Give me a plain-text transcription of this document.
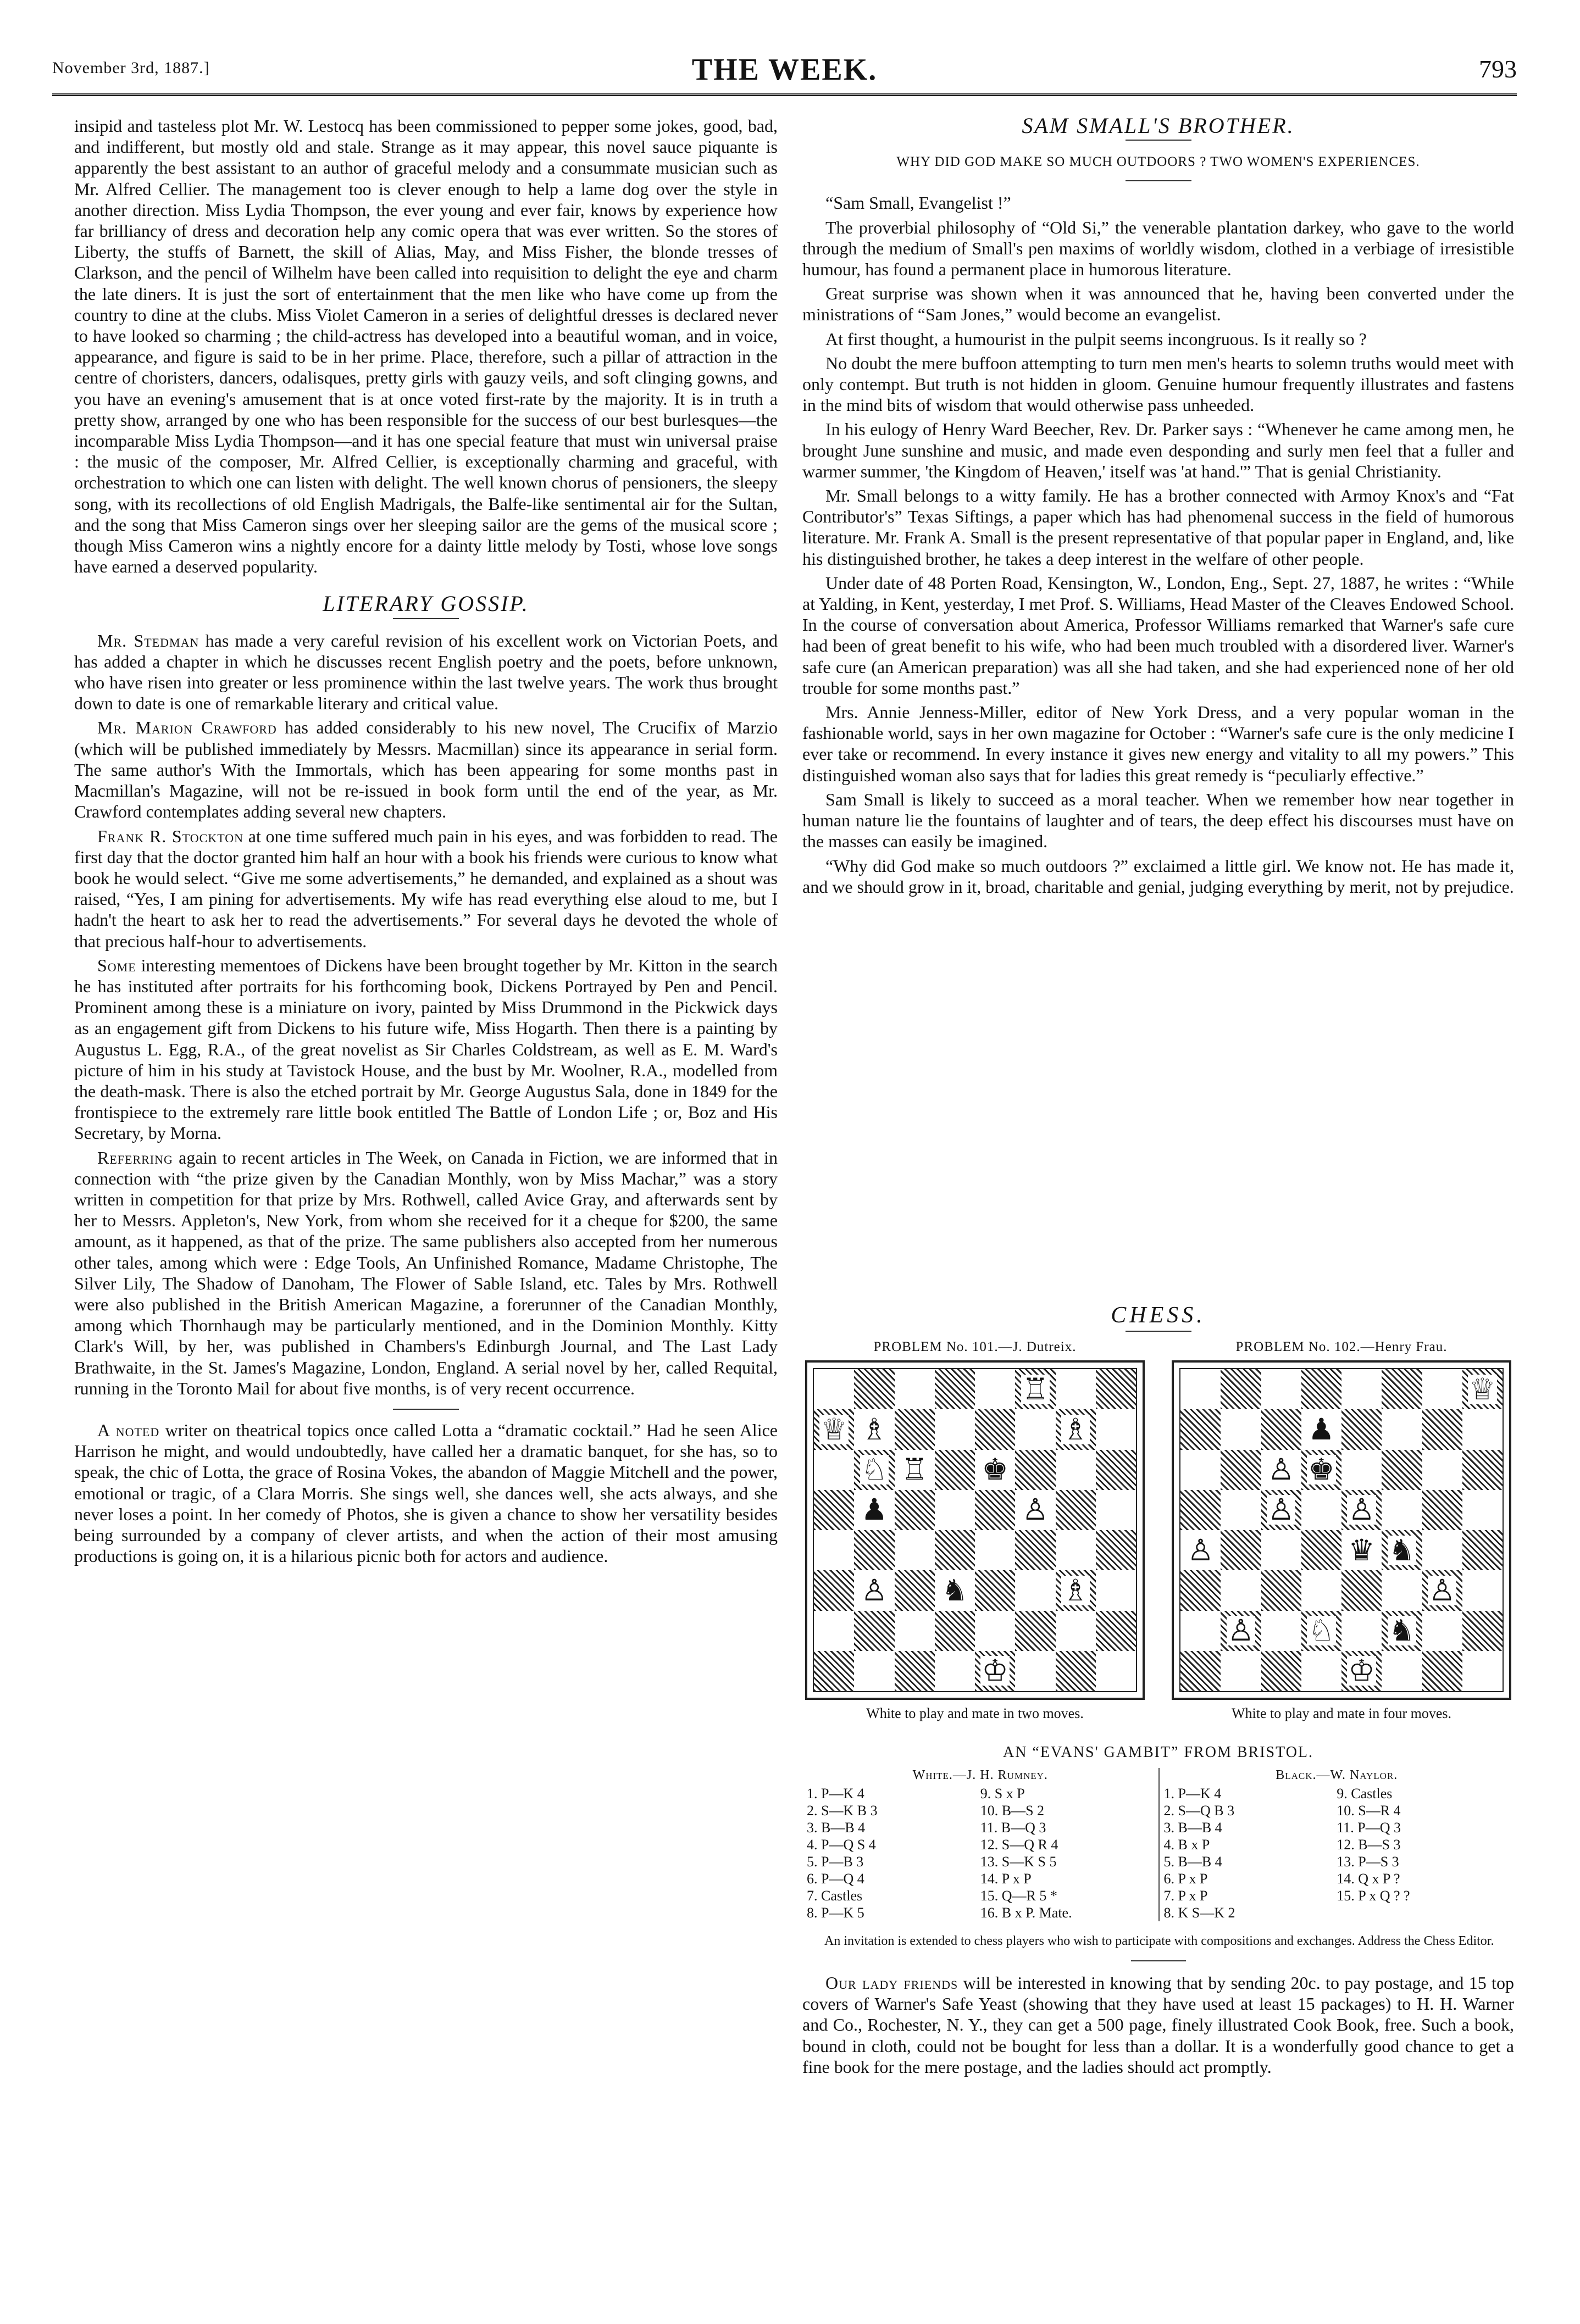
November 3rd, 1887.]	THE WEEK.	793

insipid and tasteless plot Mr. W. Lestocq has been commissioned to pepper some jokes, good, bad, and indifferent, but mostly old and stale. Strange as it may appear, this novel sauce piquante is apparently the best assistant to an author of graceful melody and a consummate musician such as Mr. Alfred Cellier. The management too is clever enough to help a lame dog over the style in another direction. Miss Lydia Thompson, the ever young and ever fair, knows by experience how far brilliancy of dress and decoration help any comic opera that was ever written. So the stores of Liberty, the stuffs of Barnett, the skill of Alias, May, and Miss Fisher, the blonde tresses of Clarkson, and the pencil of Wilhelm have been called into requisition to delight the eye and charm the late diners. It is just the sort of entertainment that the men like who have come up from the country to dine at the clubs. Miss Violet Cameron in a series of delightful dresses is declared never to have looked so charming ; the child-actress has developed into a beautiful woman, and in voice, appearance, and figure is said to be in her prime. Place, therefore, such a pillar of attraction in the centre of choristers, dancers, odalisques, pretty girls with gauzy veils, and soft clinging gowns, and you have an evening's amusement that is at once voted first-rate by the majority. It is in truth a pretty show, arranged by one who has been responsible for the success of our best burlesques—the incomparable Miss Lydia Thompson—and it has one special feature that must win universal praise : the music of the composer, Mr. Alfred Cellier, is exceptionally charming and graceful, with orchestration to which one can listen with delight. The well known chorus of pensioners, the sleepy song, with its recollections of old English Madrigals, the Balfe-like sentimental air for the Sultan, and the song that Miss Cameron sings over her sleeping sailor are the gems of the musical score ; though Miss Cameron wins a nightly encore for a dainty little melody by Tosti, whose love songs have earned a deserved popularity.

LITERARY GOSSIP.

Mr. Stedman has made a very careful revision of his excellent work on Victorian Poets, and has added a chapter in which he discusses recent English poetry and the poets, before unknown, who have risen into greater or less prominence within the last twelve years. The work thus brought down to date is one of remarkable literary and critical value.

Mr. Marion Crawford has added considerably to his new novel, The Crucifix of Marzio (which will be published immediately by Messrs. Macmillan) since its appearance in serial form. The same author's With the Immortals, which has been appearing for some months past in Macmillan's Magazine, will not be re-issued in book form until the end of the year, as Mr. Crawford contemplates adding several new chapters.

Frank R. Stockton at one time suffered much pain in his eyes, and was forbidden to read. The first day that the doctor granted him half an hour with a book his friends were curious to know what book he would select. “Give me some advertisements,” he demanded, and explained as a shout was raised, “Yes, I am pining for advertisements. My wife has read everything else aloud to me, but I hadn't the heart to ask her to read the advertisements.” For several days he devoted the whole of that precious half-hour to advertisements.

Some interesting mementoes of Dickens have been brought together by Mr. Kitton in the search he has instituted after portraits for his forthcoming book, Dickens Portrayed by Pen and Pencil. Prominent among these is a miniature on ivory, painted by Miss Drummond in the Pickwick days as an engagement gift from Dickens to his future wife, Miss Hogarth. Then there is a painting by Augustus L. Egg, R.A., of the great novelist as Sir Charles Coldstream, as well as E. M. Ward's picture of him in his study at Tavistock House, and the bust by Mr. Woolner, R.A., modelled from the death-mask. There is also the etched portrait by Mr. George Augustus Sala, done in 1849 for the frontispiece to the extremely rare little book entitled The Battle of London Life ; or, Boz and His Secretary, by Morna.

Referring again to recent articles in The Week, on Canada in Fiction, we are informed that in connection with “the prize given by the Canadian Monthly, won by Miss Machar,” was a story written in competition for that prize by Mrs. Rothwell, called Avice Gray, and afterwards sent by her to Messrs. Appleton's, New York, from whom she received for it a cheque for $200, the same amount, as it happened, as that of the prize. The same publishers also accepted from her numerous other tales, among which were : Edge Tools, An Unfinished Romance, Madame Christophe, The Silver Lily, The Shadow of Danoham, The Flower of Sable Island, etc. Tales by Mrs. Rothwell were also published in the British American Magazine, a forerunner of the Canadian Monthly, among which Thornhaugh may be particularly mentioned, and in the Dominion Monthly. Kitty Clark's Will, by her, was published in Chambers's Edinburgh Journal, and The Last Lady Brathwaite, in the St. James's Magazine, London, England. A serial novel by her, called Requital, running in the Toronto Mail for about five months, is of very recent occurrence.

A noted writer on theatrical topics once called Lotta a “dramatic cocktail.” Had he seen Alice Harrison he might, and would undoubtedly, have called her a dramatic banquet, for she has, so to speak, the chic of Lotta, the grace of Rosina Vokes, the abandon of Maggie Mitchell and the power, emotional or tragic, of a Clara Morris. She sings well, she dances well, she acts always, and she never loses a point. In her comedy of Photos, she is given a chance to show her versatility besides being surrounded by a company of clever artists, and when the action of their most amusing productions is going on, it is a hilarious picnic both for actors and audience.

SAM SMALL'S BROTHER.
WHY DID GOD MAKE SO MUCH OUTDOORS ? TWO WOMEN'S EXPERIENCES.

“Sam Small, Evangelist !”

The proverbial philosophy of “Old Si,” the venerable plantation darkey, who gave to the world through the medium of Small's pen maxims of worldly wisdom, clothed in a verbiage of irresistible humour, has found a permanent place in humorous literature.

Great surprise was shown when it was announced that he, having been converted under the ministrations of “Sam Jones,” would become an evangelist.

At first thought, a humourist in the pulpit seems incongruous. Is it really so ?

No doubt the mere buffoon attempting to turn men men's hearts to solemn truths would meet with only contempt. But truth is not hidden in gloom. Genuine humour frequently illustrates and fastens in the mind bits of wisdom that would otherwise pass unheeded.

In his eulogy of Henry Ward Beecher, Rev. Dr. Parker says : “Whenever he came among men, he brought June sunshine and music, and made even desponding and surly men feel that a fuller and warmer summer, 'the Kingdom of Heaven,' itself was 'at hand.'” That is genial Christianity.

Mr. Small belongs to a witty family. He has a brother connected with Armoy Knox's and “Fat Contributor's” Texas Siftings, a paper which has had phenomenal success in the field of humorous literature. Mr. Frank A. Small is the present representative of that popular paper in England, and, like his distinguished brother, he takes a deep interest in the welfare of other people.

Under date of 48 Porten Road, Kensington, W., London, Eng., Sept. 27, 1887, he writes : “While at Yalding, in Kent, yesterday, I met Prof. S. Williams, Head Master of the Cleaves Endowed School. In the course of conversation about America, Professor Williams remarked that Warner's safe cure had been of great benefit to his wife, who had been much troubled with a disordered liver. Warner's safe cure (an American preparation) was all she had taken, and she had experienced none of her old trouble for some months past.”

Mrs. Annie Jenness-Miller, editor of New York Dress, and a very popular woman in the fashionable world, says in her own magazine for October : “Warner's safe cure is the only medicine I ever take or recommend. In every instance it gives new energy and vitality to all my powers.” This distinguished woman also says that for ladies this great remedy is “peculiarly effective.”

Sam Small is likely to succeed as a moral teacher. When we remember how near together in human nature lie the fountains of laughter and of tears, the deep effect his discourses must have on the masses can easily be imagined.

“Why did God make so much outdoors ?” exclaimed a little girl. We know not. He has made it, and we should grow in it, broad, charitable and genial, judging everything by merit, not by prejudice.

CHESS.
PROBLEM No. 101.—J. Dutreix.
♖
♕ ♗	♗
♘ ♖ ♚
♟	♙
♙ ♞	♗
♔
White to play and mate in two moves.
PROBLEM No. 102.—Henry Frau.
♕
♟
♙ ♚
♙ ♙
♙	♛ ♞
♙
♙ ♘ ♞
♔
White to play and mate in four moves.
AN “EVANS' GAMBIT” FROM BRISTOL.
White.—J. H. Rumney.
1. P—K 4
2. S—K B 3
3. B—B 4
4. P—Q S 4
5. P—B 3
6. P—Q 4
7. Castles
8. P—K 5
9. S x P
10. B—S 2
11. B—Q 3
12. S—Q R 4
13. S—K S 5
14. P x P
15. Q—R 5 *
16. B x P. Mate.
Black.—W. Naylor.
1. P—K 4
2. S—Q B 3
3. B—B 4
4. B x P
5. B—B 4
6. P x P
7. P x P
8. K S—K 2
9. Castles
10. S—R 4
11. P—Q 3
12. B—S 3
13. P—S 3
14. Q x P ?
15. P x Q ? ?
An invitation is extended to chess players who wish to participate with compositions and exchanges. Address the Chess Editor.

Our lady friends will be interested in knowing that by sending 20c. to pay postage, and 15 top covers of Warner's Safe Yeast (showing that they have used at least 15 packages) to H. H. Warner and Co., Rochester, N. Y., they can get a 500 page, finely illustrated Cook Book, free. Such a book, bound in cloth, could not be bought for less than a dollar. It is a wonderfully good chance to get a fine book for the mere postage, and the ladies should act promptly.
